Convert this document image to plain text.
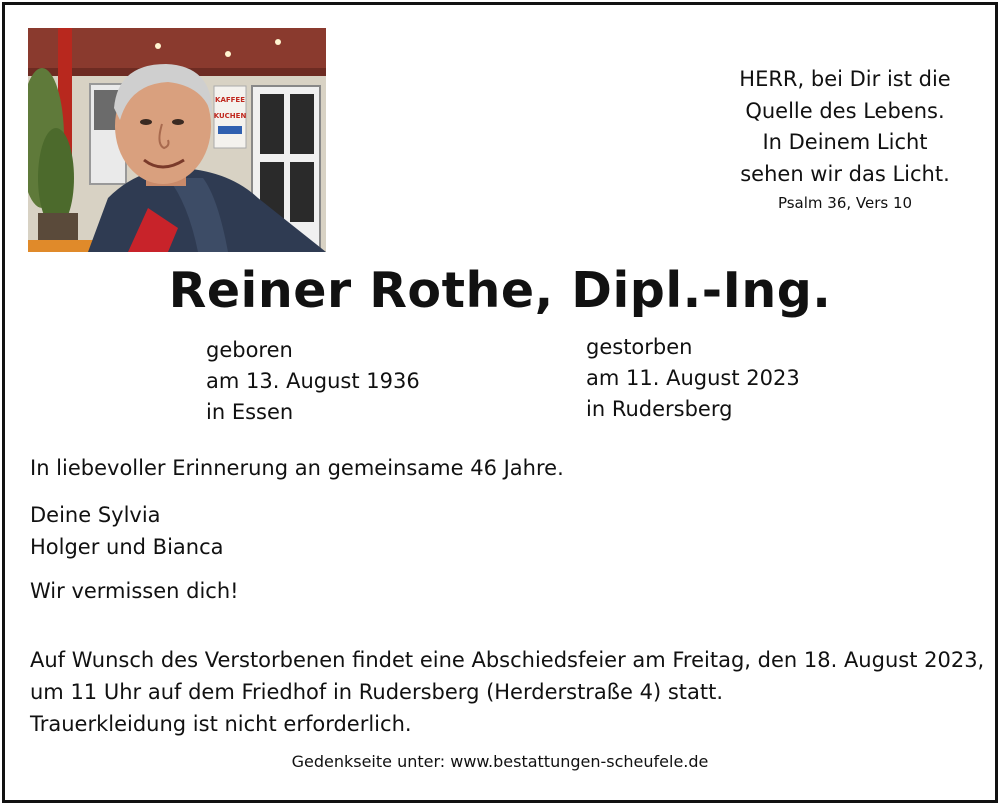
KAFFEE
KUCHEN
HERR, bei Dir ist die
Quelle des Lebens.
In Deinem Licht
sehen wir das Licht.
Psalm 36, Vers 10
Reiner Rothe, Dipl.-Ing.
geboren
am 13. August 1936
in Essen
gestorben
am 11. August 2023
in Rudersberg
In liebevoller Erinnerung an gemeinsame 46 Jahre.
Deine Sylvia
Holger und Bianca
Wir vermissen dich!
Auf Wunsch des Verstorbenen findet eine Abschiedsfeier am Freitag, den 18. August 2023,
um 11 Uhr auf dem Friedhof in Rudersberg (Herderstraße 4) statt.
Trauerkleidung ist nicht erforderlich.
Gedenkseite unter: www.bestattungen-scheufele.de
